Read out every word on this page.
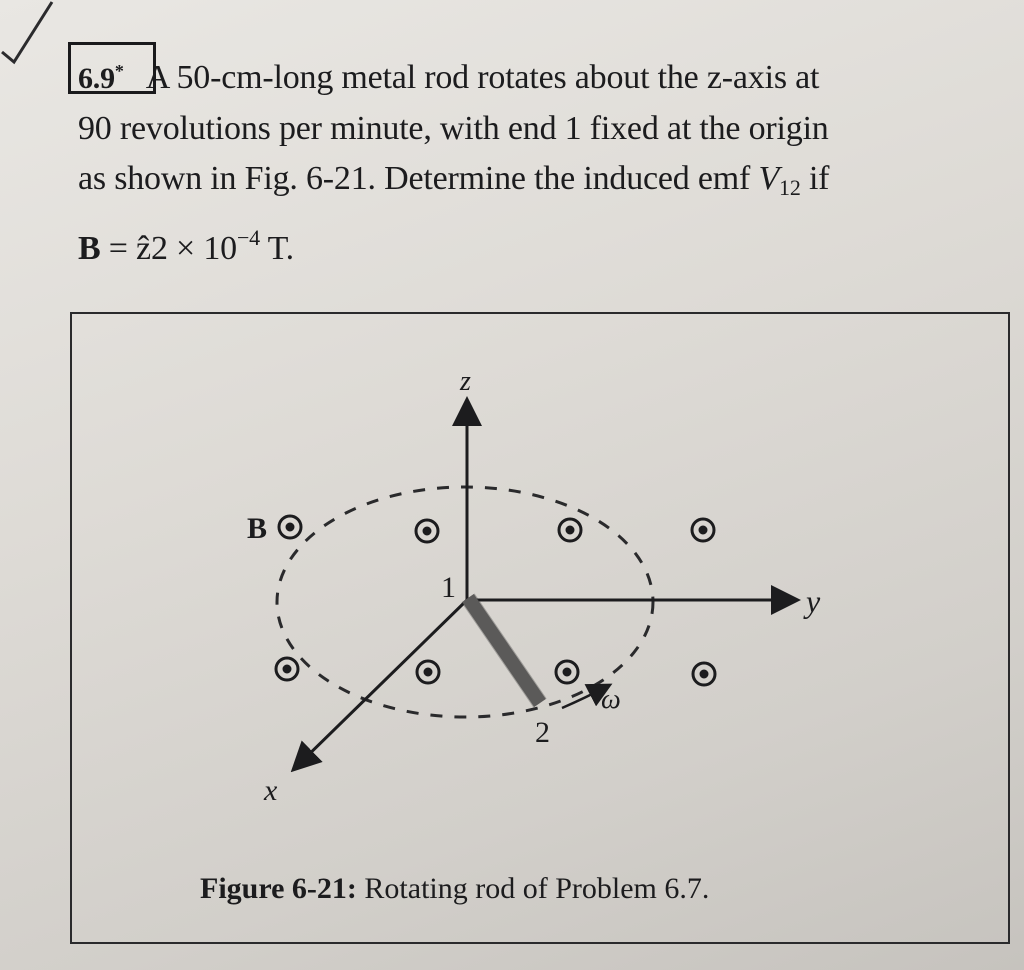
6.9* A 50-cm-long metal rod rotates about the z-axis at
90 revolutions per minute, with end 1 fixed at the origin
as shown in Fig. 6-21. Determine the induced emf $V_{12}$ if
B = ẑ2 × $10^{-4}$ T.
z
y
x
B
1
2
ω
Figure 6-21: Rotating rod of Problem 6.7.
